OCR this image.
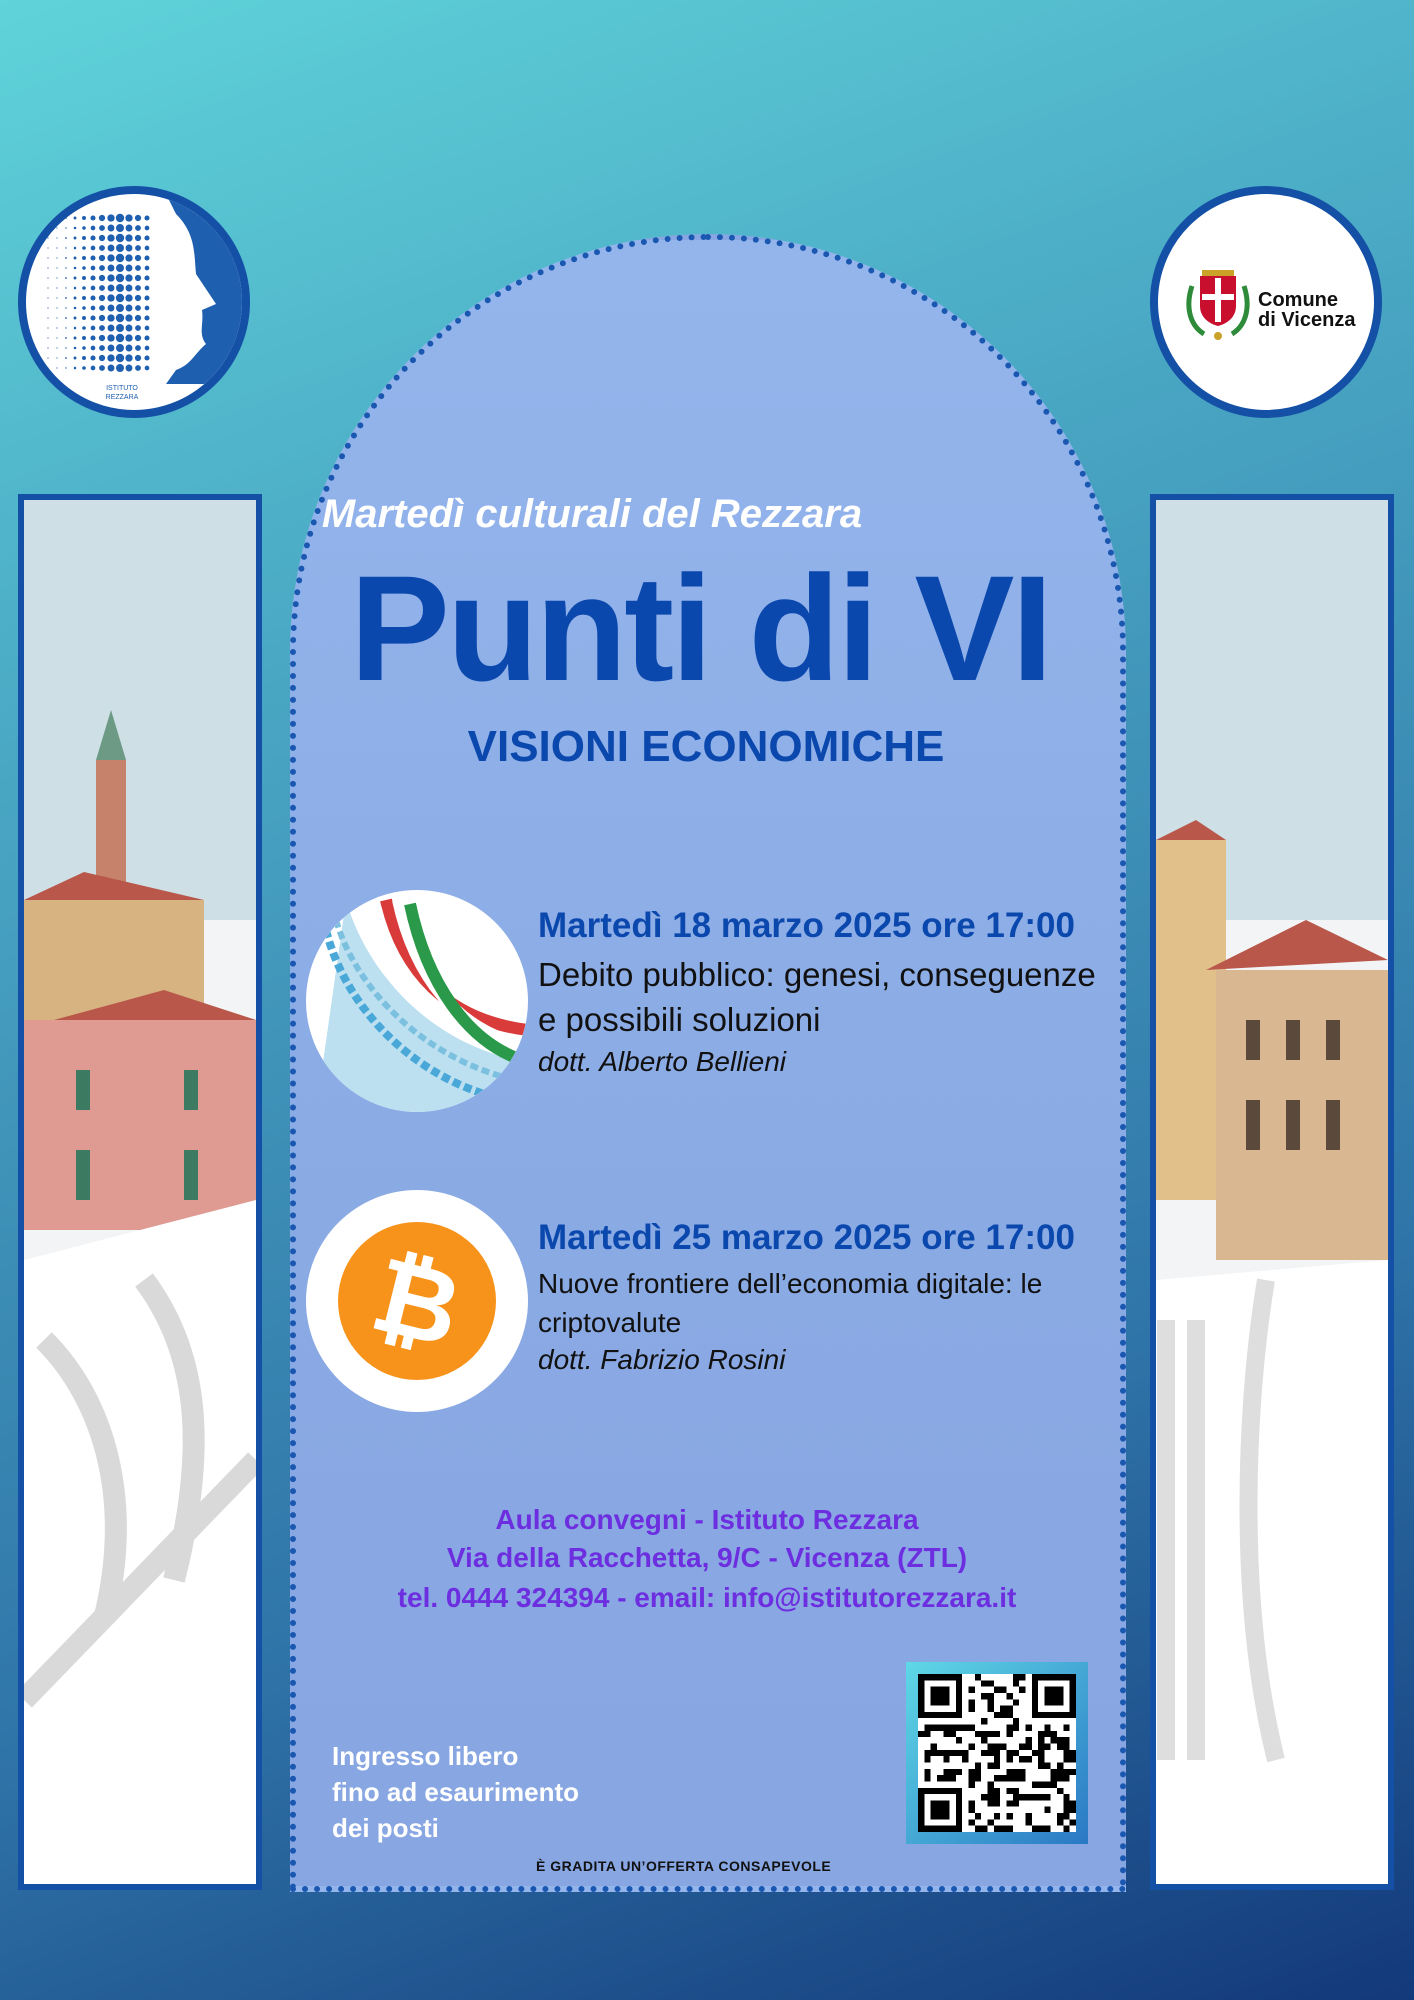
ISTITUTO
REZZARA
Comune
di Vicenza
Martedì culturali del Rezzara
Punti di VI
VISIONI ECONOMICHE
Martedì 18 marzo 2025 ore 17:00
Debito pubblico: genesi, conseguenze e possibili soluzioni
dott. Alberto Bellieni
₿ Martedì 25 marzo 2025 ore 17:00
Nuove frontiere dell’economia digitale: le criptovalute
dott. Fabrizio Rosini
Aula convegni - Istituto Rezzara
Via della Racchetta, 9/C - Vicenza (ZTL)
tel. 0444 324394 - email: info@istitutorezzara.it
Ingresso libero
fino ad esaurimento
dei posti
È GRADITA UN’OFFERTA CONSAPEVOLE
